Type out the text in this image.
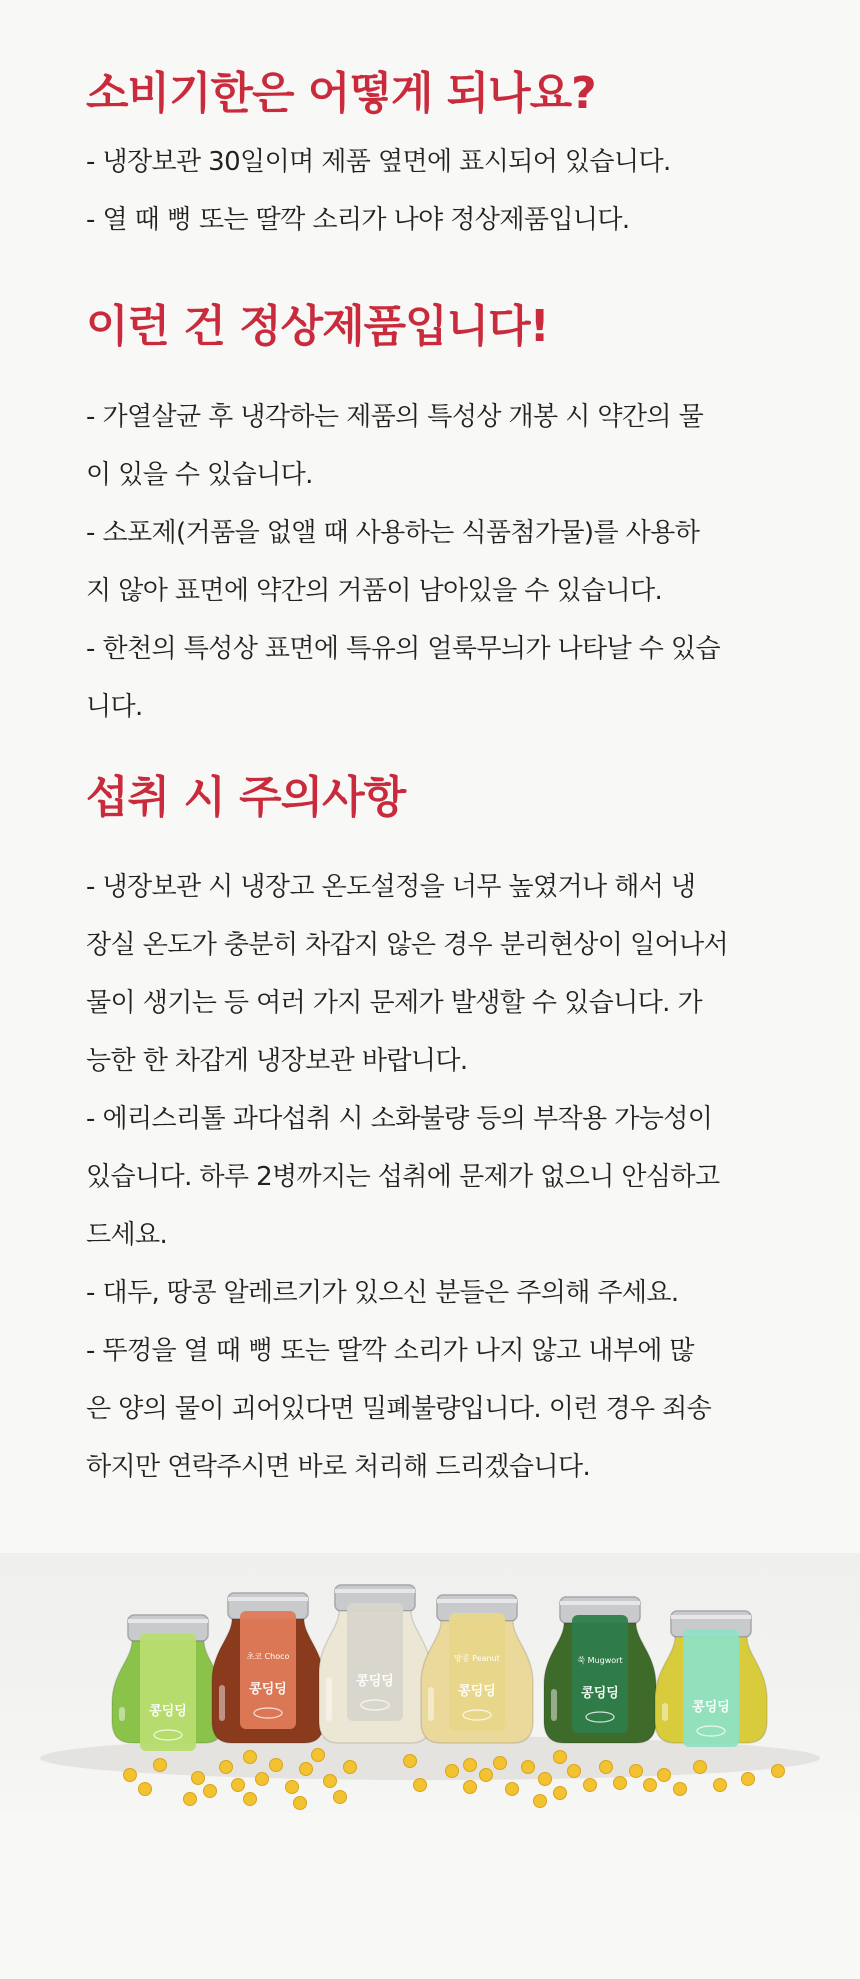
소비기한은 어떻게 되나요?

- 냉장보관 30일이며 제품 옆면에 표시되어 있습니다.

- 열 때 뻥 또는 딸깍 소리가 나야 정상제품입니다.

이런 건 정상제품입니다!

- 가열살균 후 냉각하는 제품의 특성상 개봉 시 약간의 물

이 있을 수 있습니다.

- 소포제(거품을 없앨 때 사용하는 식품첨가물)를 사용하

지 않아 표면에 약간의 거품이 남아있을 수 있습니다.

- 한천의 특성상 표면에 특유의 얼룩무늬가 나타날 수 있습

니다.

섭취 시 주의사항

- 냉장보관 시 냉장고 온도설정을 너무 높였거나 해서 냉

장실 온도가 충분히 차갑지 않은 경우 분리현상이 일어나서

물이 생기는 등 여러 가지 문제가 발생할 수 있습니다. 가

능한 한 차갑게 냉장보관 바랍니다.

- 에리스리톨 과다섭취 시 소화불량 등의 부작용 가능성이

있습니다. 하루 2병까지는 섭취에 문제가 없으니 안심하고

드세요.

- 대두, 땅콩 알레르기가 있으신 분들은 주의해 주세요.

- 뚜껑을 열 때 뻥 또는 딸깍 소리가 나지 않고 내부에 많

은 양의 물이 괴어있다면 밀폐불량입니다. 이런 경우 죄송

하지만 연락주시면 바로 처리해 드리겠습니다.

콩딩딩
콩딩딩
초코 Choco
콩딩딩
콩딩딩
땅콩 Peanut
콩딩딩
쑥 Mugwort
콩딩딩
